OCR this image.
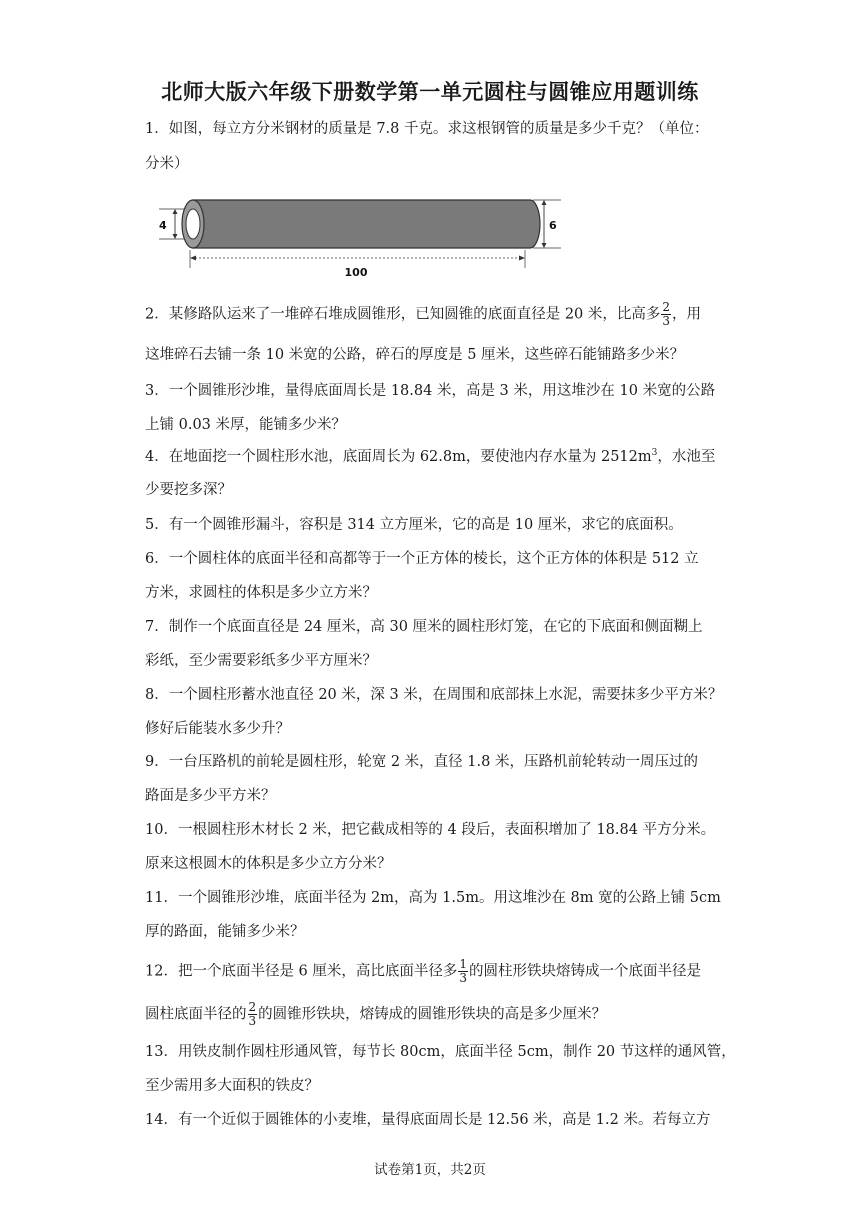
北师大版六年级下册数学第一单元圆柱与圆锥应用题训练
1．如图，每立方分米钢材的质量是 7.8 千克。求这根钢管的质量是多少千克？（单位：
分米）
4	6
100
2．某修路队运来了一堆碎石堆成圆锥形，已知圆锥的底面直径是 20 米，比高多 $\frac{2}{3}$ ，用
这堆碎石去铺一条 10 米宽的公路，碎石的厚度是 5 厘米，这些碎石能铺路多少米？
3．一个圆锥形沙堆，量得底面周长是 18.84 米，高是 3 米，用这堆沙在 10 米宽的公路
上铺 0.03 米厚，能铺多少米？
4．在地面挖一个圆柱形水池，底面周长为 62.8m，要使池内存水量为 $2512m^3$，水池至
少要挖多深？
5．有一个圆锥形漏斗，容积是 314 立方厘米，它的高是 10 厘米，求它的底面积。
6．一个圆柱体的底面半径和高都等于一个正方体的棱长，这个正方体的体积是 512 立
方米，求圆柱的体积是多少立方米？
7．制作一个底面直径是 24 厘米，高 30 厘米的圆柱形灯笼，在它的下底面和侧面糊上
彩纸，至少需要彩纸多少平方厘米？
8．一个圆柱形蓄水池直径 20 米，深 3 米，在周围和底部抹上水泥，需要抹多少平方米？
修好后能装水多少升？
9．一台压路机的前轮是圆柱形，轮宽 2 米，直径 1.8 米，压路机前轮转动一周压过的
路面是多少平方米？
10．一根圆柱形木材长 2 米，把它截成相等的 4 段后，表面积增加了 18.84 平方分米。
原来这根圆木的体积是多少立方分米？
11．一个圆锥形沙堆，底面半径为 2m，高为 1.5m。用这堆沙在 8m 宽的公路上铺 5cm
厚的路面，能铺多少米？
12．把一个底面半径是 6 厘米，高比底面半径多 $\frac{1}{3}$ 的圆柱形铁块熔铸成一个底面半径是
圆柱底面半径的 $\frac{2}{3}$ 的圆锥形铁块，熔铸成的圆锥形铁块的高是多少厘米？
13．用铁皮制作圆柱形通风管，每节长 80cm，底面半径 5cm，制作 20 节这样的通风管，
至少需用多大面积的铁皮？
14．有一个近似于圆锥体的小麦堆，量得底面周长是 12.56 米，高是 1.2 米。若每立方
试卷第1页，共2页
